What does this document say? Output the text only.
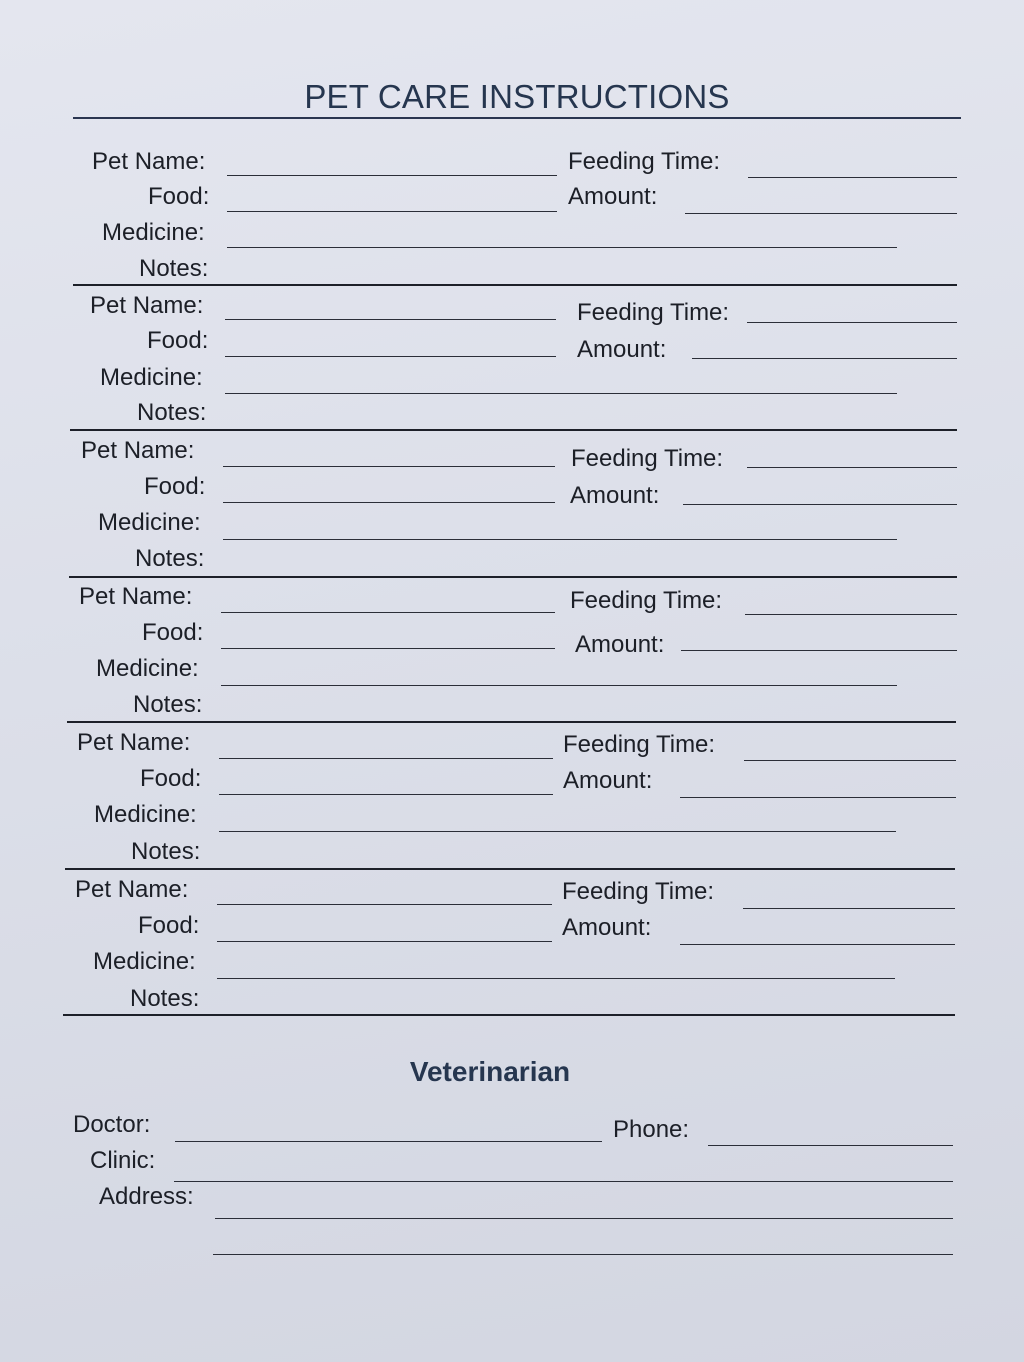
PET CARE INSTRUCTIONS
Pet Name:	Feeding Time:
Food:	Amount:
Medicine:
Notes:
Pet Name:	Feeding Time:
Food:	Amount:
Medicine:
Notes:
Pet Name:	Feeding Time:
Food:	Amount:
Medicine:
Notes:
Pet Name:	Feeding Time:
Food:	Amount:
Medicine:
Notes:
Pet Name:	Feeding Time:
Food:	Amount:
Medicine:
Notes:
Pet Name:	Feeding Time:
Food:	Amount:
Medicine:
Notes:
Veterinarian
Doctor:	Phone:
Clinic:
Address:
